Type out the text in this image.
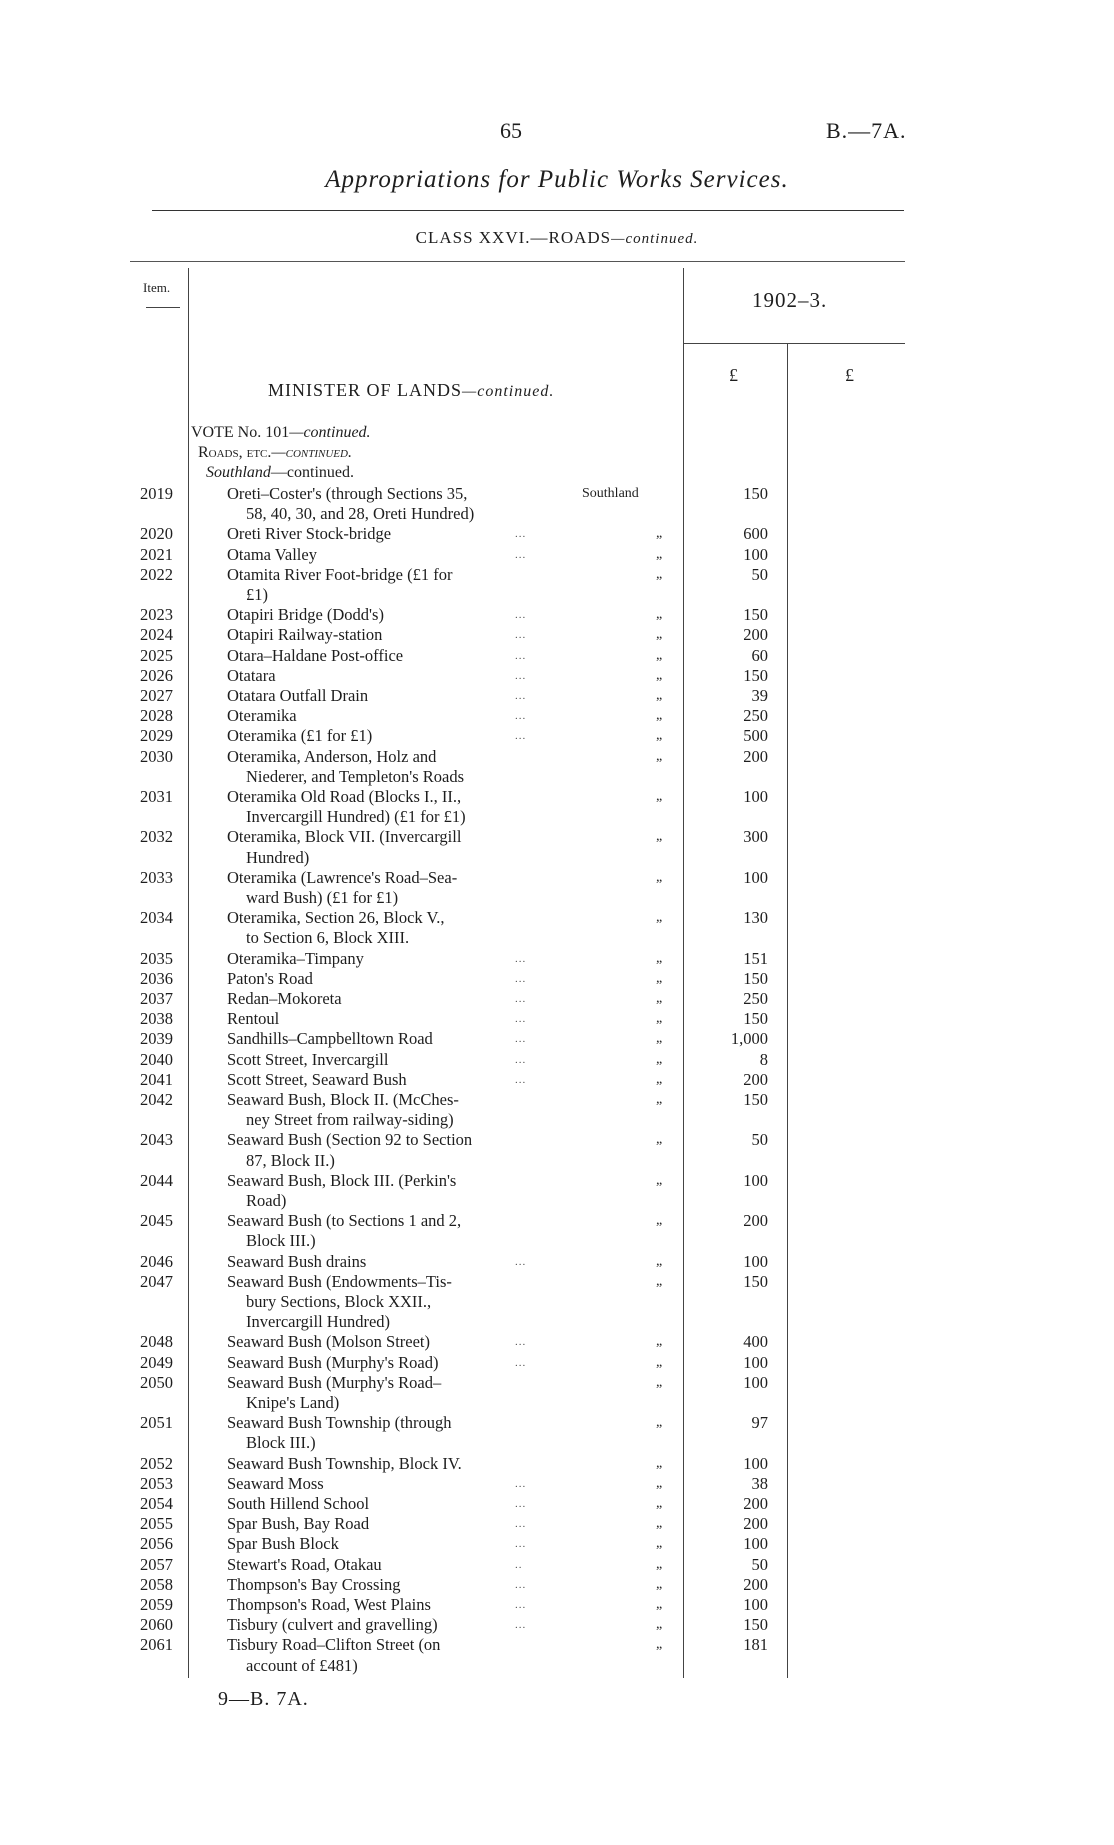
65	B.—7A.
Appropriations for Public Works Services.
CLASS XXVI.—ROADS—continued.
Item.
1902–3.
£	£
MINISTER OF LANDS—continued.
VOTE No. 101—continued.
Roads, etc.—continued.
Southland—continued.
2019	Oreti–Coster's (through Sections 35,	Southland	150
58, 40, 30, and 28, Oreti Hundred)
2020	Oreti River Stock-bridge	...	„	600
2021	Otama Valley	...	„	100
2022	Otamita River Foot-bridge (£1 for	„	50
£1)
2023	Otapiri Bridge (Dodd's)	...	„	150
2024	Otapiri Railway-station	...	„	200
2025	Otara–Haldane Post-office	...	„	60
2026	Otatara	...	„	150
2027	Otatara Outfall Drain	...	„	39
2028	Oteramika	...	„	250
2029	Oteramika (£1 for £1)	...	„	500
2030	Oteramika, Anderson, Holz and	„	200
Niederer, and Templeton's Roads
2031	Oteramika Old Road (Blocks I., II.,	„	100
Invercargill Hundred) (£1 for £1)
2032	Oteramika, Block VII. (Invercargill	„	300
Hundred)
2033	Oteramika (Lawrence's Road–Sea-	„	100
ward Bush) (£1 for £1)
2034	Oteramika, Section 26, Block V.,	„	130
to Section 6, Block XIII.
2035	Oteramika–Timpany	...	„	151
2036	Paton's Road	...	„	150
2037	Redan–Mokoreta	...	„	250
2038	Rentoul	...	„	150
2039	Sandhills–Campbelltown Road	...	„	1,000
2040	Scott Street, Invercargill	...	„	8
2041	Scott Street, Seaward Bush	...	„	200
2042	Seaward Bush, Block II. (McChes-	„	150
ney Street from railway-siding)
2043	Seaward Bush (Section 92 to Section	„	50
87, Block II.)
2044	Seaward Bush, Block III. (Perkin's	„	100
Road)
2045	Seaward Bush (to Sections 1 and 2,	„	200
Block III.)
2046	Seaward Bush drains	...	„	100
2047	Seaward Bush (Endowments–Tis-	„	150
bury Sections, Block XXII.,
Invercargill Hundred)
2048	Seaward Bush (Molson Street)	...	„	400
2049	Seaward Bush (Murphy's Road)	...	„	100
2050	Seaward Bush (Murphy's Road–	„	100
Knipe's Land)
2051	Seaward Bush Township (through	„	97
Block III.)
2052	Seaward Bush Township, Block IV.	„	100
2053	Seaward Moss	...	„	38
2054	South Hillend School	...	„	200
2055	Spar Bush, Bay Road	...	„	200
2056	Spar Bush Block	...	„	100
2057	Stewart's Road, Otakau	..	„	50
2058	Thompson's Bay Crossing	...	„	200
2059	Thompson's Road, West Plains	...	„	100
2060	Tisbury (culvert and gravelling)	...	„	150
2061	Tisbury Road–Clifton Street (on	„	181
account of £481)
9—B. 7A.
